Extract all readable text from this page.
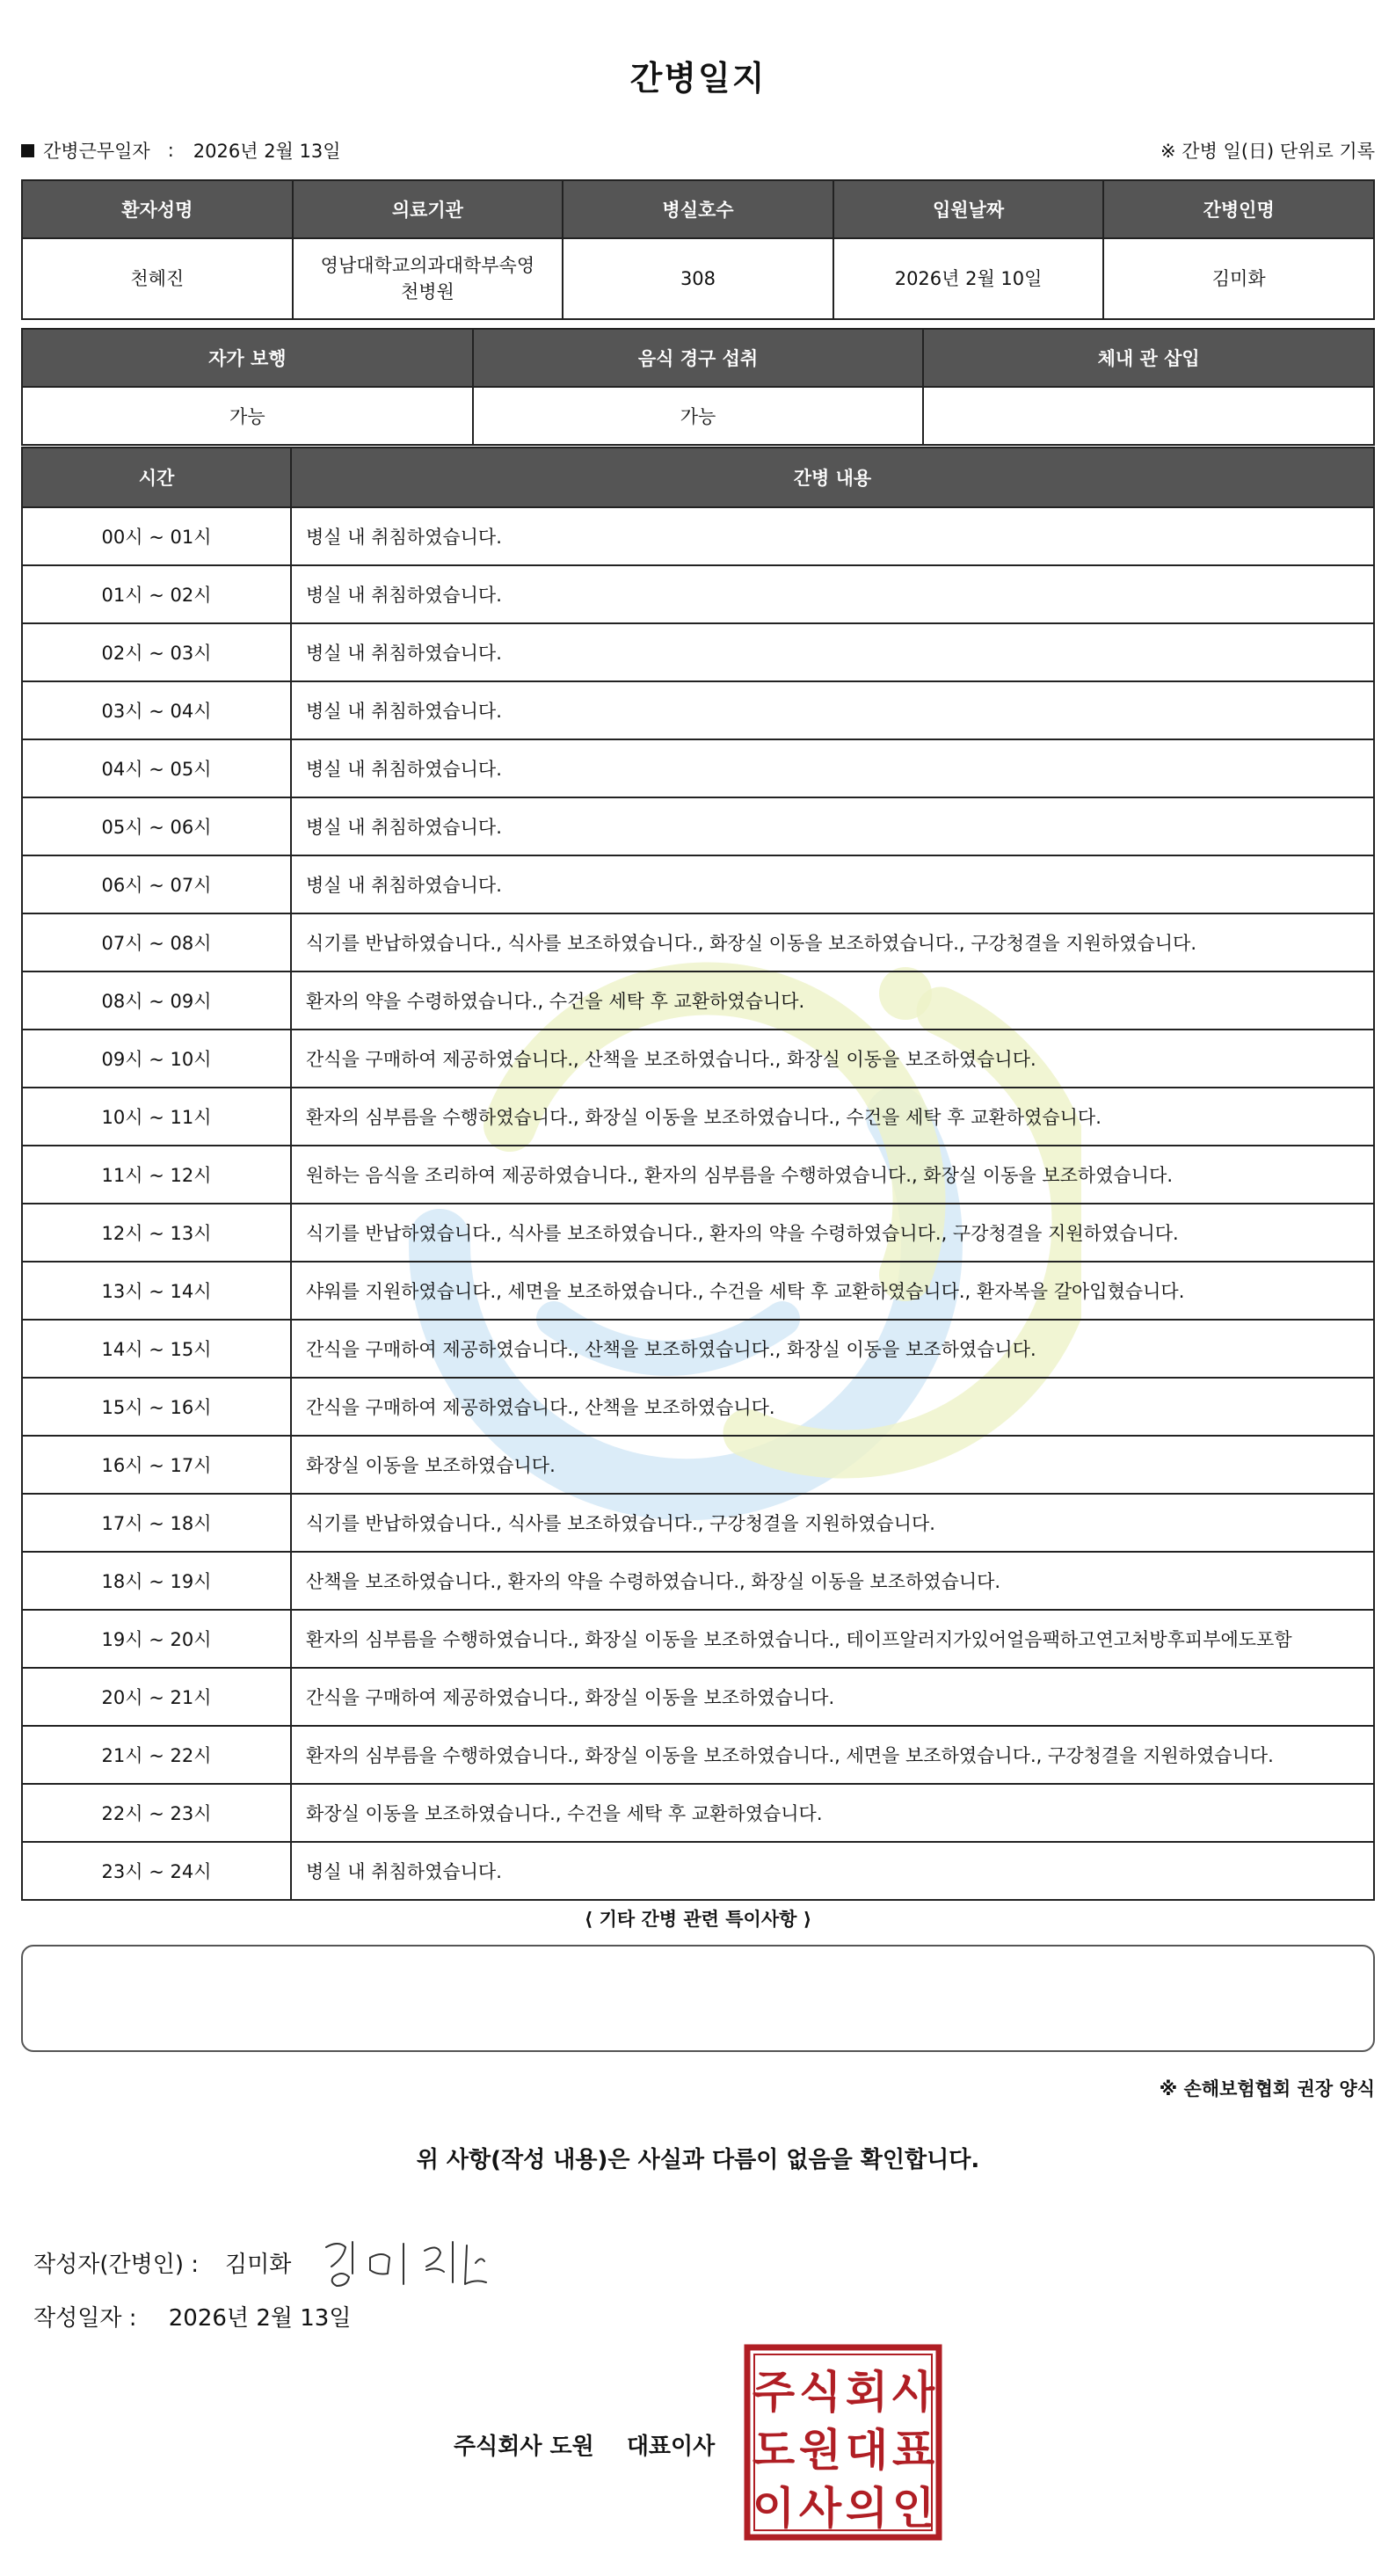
간병일지
간병근무일자 : 2026년 2월 13일	※ 간병 일(日) 단위로 기록
환자성명	의료기관	병실호수	입원날짜	간병인명
천혜진	영남대학교의과대학부속영천병원	308	2026년 2월 10일	김미화
자가 보행	음식 경구 섭취	체내 관 삽입
가능	가능	
시간	간병 내용
00시 ~ 01시	병실 내 취침하였습니다.
01시 ~ 02시	병실 내 취침하였습니다.
02시 ~ 03시	병실 내 취침하였습니다.
03시 ~ 04시	병실 내 취침하였습니다.
04시 ~ 05시	병실 내 취침하였습니다.
05시 ~ 06시	병실 내 취침하였습니다.
06시 ~ 07시	병실 내 취침하였습니다.
07시 ~ 08시	식기를 반납하였습니다., 식사를 보조하였습니다., 화장실 이동을 보조하였습니다., 구강청결을 지원하였습니다.
08시 ~ 09시	환자의 약을 수령하였습니다., 수건을 세탁 후 교환하였습니다.
09시 ~ 10시	간식을 구매하여 제공하였습니다., 산책을 보조하였습니다., 화장실 이동을 보조하였습니다.
10시 ~ 11시	환자의 심부름을 수행하였습니다., 화장실 이동을 보조하였습니다., 수건을 세탁 후 교환하였습니다.
11시 ~ 12시	원하는 음식을 조리하여 제공하였습니다., 환자의 심부름을 수행하였습니다., 화장실 이동을 보조하였습니다.
12시 ~ 13시	식기를 반납하였습니다., 식사를 보조하였습니다., 환자의 약을 수령하였습니다., 구강청결을 지원하였습니다.
13시 ~ 14시	샤워를 지원하였습니다., 세면을 보조하였습니다., 수건을 세탁 후 교환하였습니다., 환자복을 갈아입혔습니다.
14시 ~ 15시	간식을 구매하여 제공하였습니다., 산책을 보조하였습니다., 화장실 이동을 보조하였습니다.
15시 ~ 16시	간식을 구매하여 제공하였습니다., 산책을 보조하였습니다.
16시 ~ 17시	화장실 이동을 보조하였습니다.
17시 ~ 18시	식기를 반납하였습니다., 식사를 보조하였습니다., 구강청결을 지원하였습니다.
18시 ~ 19시	산책을 보조하였습니다., 환자의 약을 수령하였습니다., 화장실 이동을 보조하였습니다.
19시 ~ 20시	환자의 심부름을 수행하였습니다., 화장실 이동을 보조하였습니다., 테이프알러지가있어얼음팩하고연고처방후피부에도포함
20시 ~ 21시	간식을 구매하여 제공하였습니다., 화장실 이동을 보조하였습니다.
21시 ~ 22시	환자의 심부름을 수행하였습니다., 화장실 이동을 보조하였습니다., 세면을 보조하였습니다., 구강청결을 지원하였습니다.
22시 ~ 23시	화장실 이동을 보조하였습니다., 수건을 세탁 후 교환하였습니다.
23시 ~ 24시	병실 내 취침하였습니다.
⟨ 기타 간병 관련 특이사항 ⟩
※ 손해보험협회 권장 양식
위 사항(작성 내용)은 사실과 다름이 없음을 확인합니다.
작성자(간병인) : 김미화
작성일자 : 2026년 2월 13일
주식회사 도원 대표이사
주 식 회 사
도 원 대 표
이 사 의 인
